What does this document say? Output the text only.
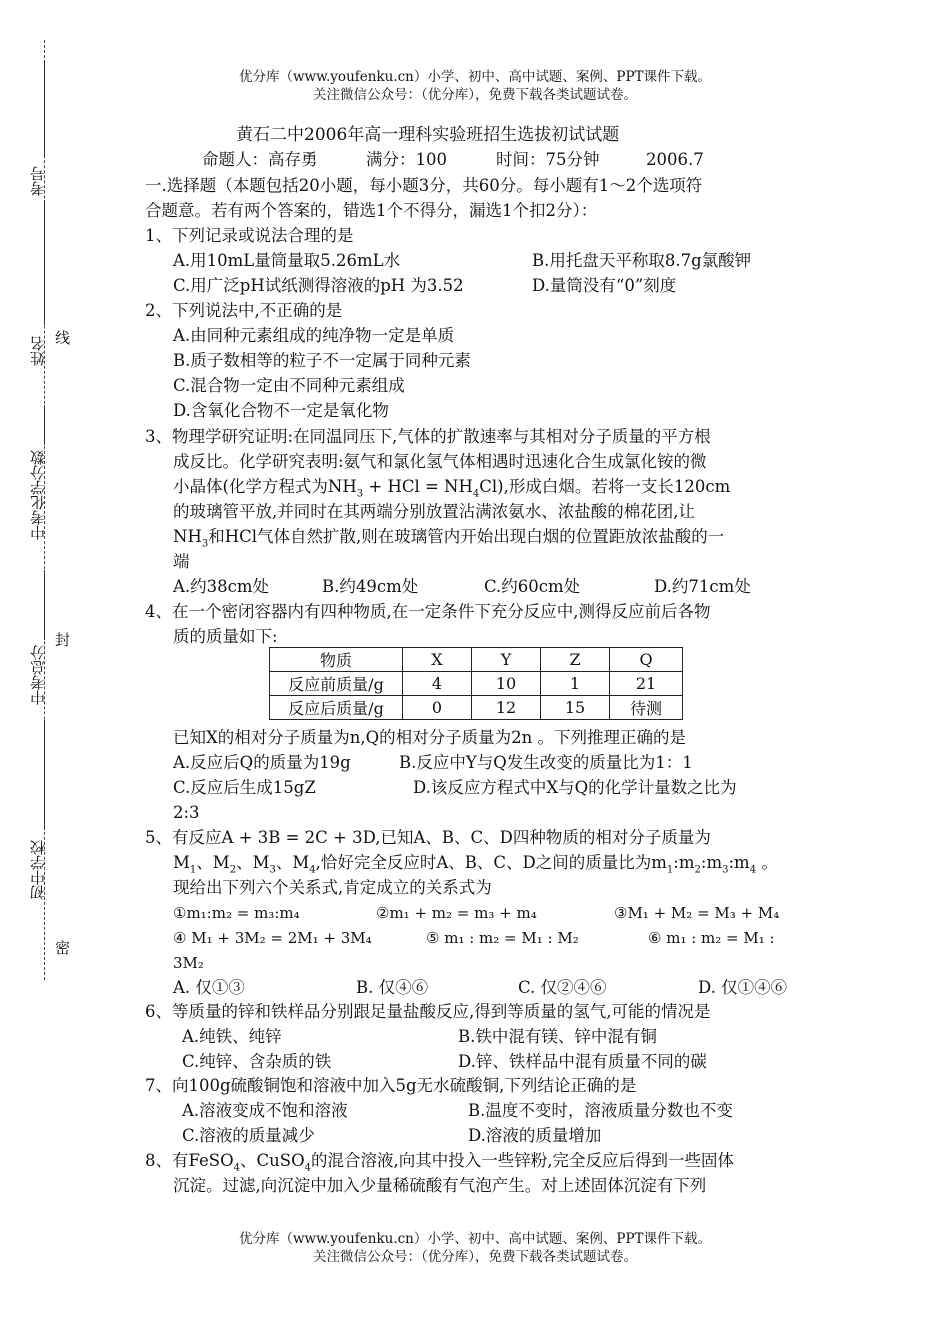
优分库（www.youfenku.cn）小学、初中、高中试题、案例、PPT课件下载。
关注微信公众号：（优分库），免费下载各类试题试卷。
考号
姓名 线
中考化学分数
中考总分
封
初中学校
密
黄石二中2006年高一理科实验班招生选拔初试试题
命题人：高存勇	满分：100	时间：75分钟	2006.7
一.选择题（本题包括20小题，每小题3分，共60分。每小题有1～2个选项符
合题意。若有两个答案的，错选1个不得分，漏选1个扣2分）：
1、下列记录或说法合理的是
A.用10mL量筒量取5.26mL水	B.用托盘天平称取8.7g氯酸钾
C.用广泛pH试纸测得溶液的pH 为3.52	D.量筒没有“0”刻度
2、下列说法中,不正确的是
A.由同种元素组成的纯净物一定是单质
B.质子数相等的粒子不一定属于同种元素
C.混合物一定由不同种元素组成
D.含氧化合物不一定是氧化物
3、物理学研究证明:在同温同压下,气体的扩散速率与其相对分子质量的平方根
成反比。化学研究表明:氨气和氯化氢气体相遇时迅速化合生成氯化铵的微
小晶体(化学方程式为$NH_3$ + HCl = $NH_4Cl$),形成白烟。若将一支长120cm
的玻璃管平放,并同时在其两端分别放置沾满浓氨水、浓盐酸的棉花团,让
$NH_3$和HCl气体自然扩散,则在玻璃管内开始出现白烟的位置距放浓盐酸的一
端
A.约38cm处	B.约49cm处	C.约60cm处	D.约71cm处
4、在一个密闭容器内有四种物质,在一定条件下充分反应中,测得反应前后各物
质的质量如下:
物质	X	Y	Z	Q
反应前质量/g	4	10	1	21
反应后质量/g	0	12	15	待测
已知X的相对分子质量为n,Q的相对分子质量为2n 。下列推理正确的是
A.反应后Q的质量为19g	B.反应中Y与Q发生改变的质量比为1：1
C.反应后生成15gZ	D.该反应方程式中X与Q的化学计量数之比为
2:3
5、有反应A + 3B = 2C + 3D,已知A、B、C、D四种物质的相对分子质量为
$M_1$、$M_2$、$M_3$、$M_4$,恰好完全反应时A、B、C、D之间的质量比为$m_1:m_2:m_3:m_4$ 。
现给出下列六个关系式,肯定成立的关系式为
①m₁:m₂ = m₃:m₄	②m₁ + m₂ = m₃ + m₄	③M₁ + M₂ = M₃ + M₄
④ M₁ + 3M₂ = 2M₁ + 3M₄	⑤ m₁ : m₂ = M₁ : M₂	⑥ m₁ : m₂ = M₁ :
3M₂
A. 仅①③	B. 仅④⑥	C. 仅②④⑥	D. 仅①④⑥
6、等质量的锌和铁样品分别跟足量盐酸反应,得到等质量的氢气,可能的情况是
A.纯铁、纯锌	B.铁中混有镁、锌中混有铜
C.纯锌、含杂质的铁	D.锌、铁样品中混有质量不同的碳
7、向100g硫酸铜饱和溶液中加入5g无水硫酸铜,下列结论正确的是
A.溶液变成不饱和溶液	B.温度不变时，溶液质量分数也不变
C.溶液的质量减少	D.溶液的质量增加
8、有FeSO$_4$、CuSO$_4$的混合溶液,向其中投入一些锌粉,完全反应后得到一些固体
沉淀。过滤,向沉淀中加入少量稀硫酸有气泡产生。对上述固体沉淀有下列
优分库（www.youfenku.cn）小学、初中、高中试题、案例、PPT课件下载。
关注微信公众号：（优分库），免费下载各类试题试卷。
